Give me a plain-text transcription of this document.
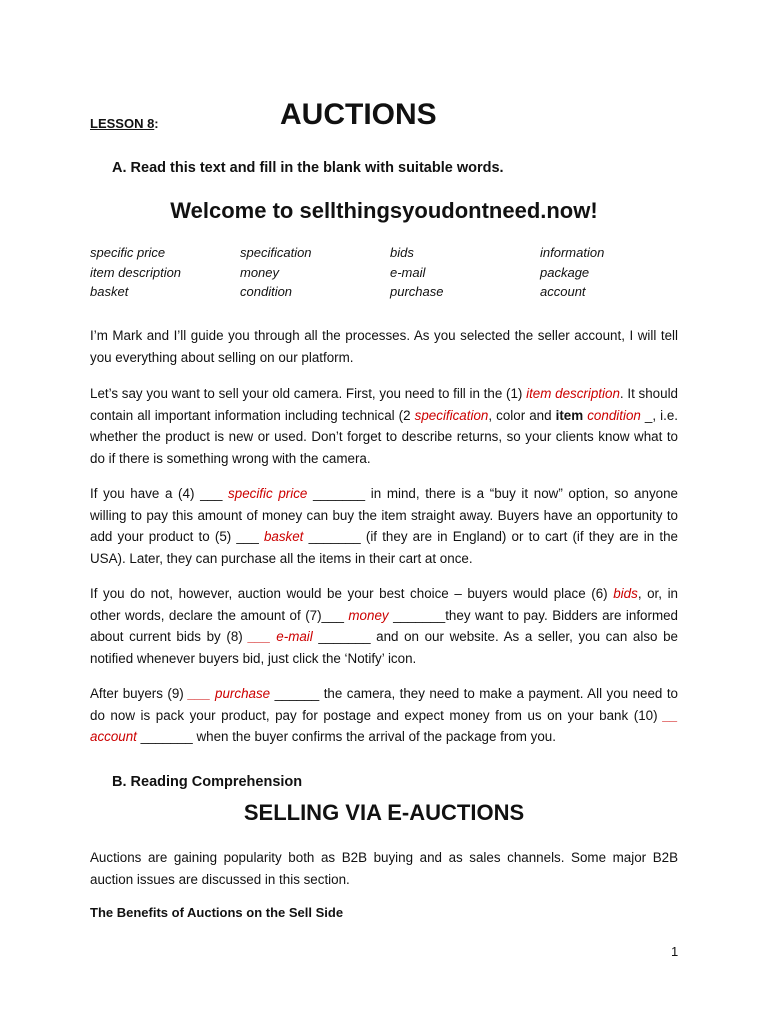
LESSON 8:	AUCTIONS
A. Read this text and fill in the blank with suitable words.
Welcome to sellthingsyoudontneed.now!
specific price	specification	bids	information
item description	money	e-mail	package
basket	condition	purchase	account

I’m Mark and I’ll guide you through all the processes. As you selected the seller account, I will tell you everything about selling on our platform.

Let’s say you want to sell your old camera. First, you need to fill in the (1) item description. It should contain all important information including technical (2 specification, color and item condition _, i.e. whether the product is new or used. Don’t forget to describe returns, so your clients know what to do if there is something wrong with the camera.

If you have a (4) ___ specific price _______ in mind, there is a “buy it now” option, so anyone willing to pay this amount of money can buy the item straight away. Buyers have an opportunity to add your product to (5) ___ basket _______ (if they are in England) or to cart (if they are in the USA). Later, they can purchase all the items in their cart at once.

If you do not, however, auction would be your best choice – buyers would place (6) bids, or, in other words, declare the amount of (7)___ money _______they want to pay. Bidders are informed about current bids by (8) ___ e-mail _______ and on our website. As a seller, you can also be notified whenever buyers bid, just click the ‘Notify’ icon.

After buyers (9) ___ purchase ______ the camera, they need to make a payment. All you need to do now is pack your product, pay for postage and expect money from us on your bank (10) __ account _______ when the buyer confirms the arrival of the package from you.

B. Reading Comprehension
SELLING VIA E-AUCTIONS

Auctions are gaining popularity both as B2B buying and as sales channels. Some major B2B auction issues are discussed in this section.

The Benefits of Auctions on the Sell Side
1
